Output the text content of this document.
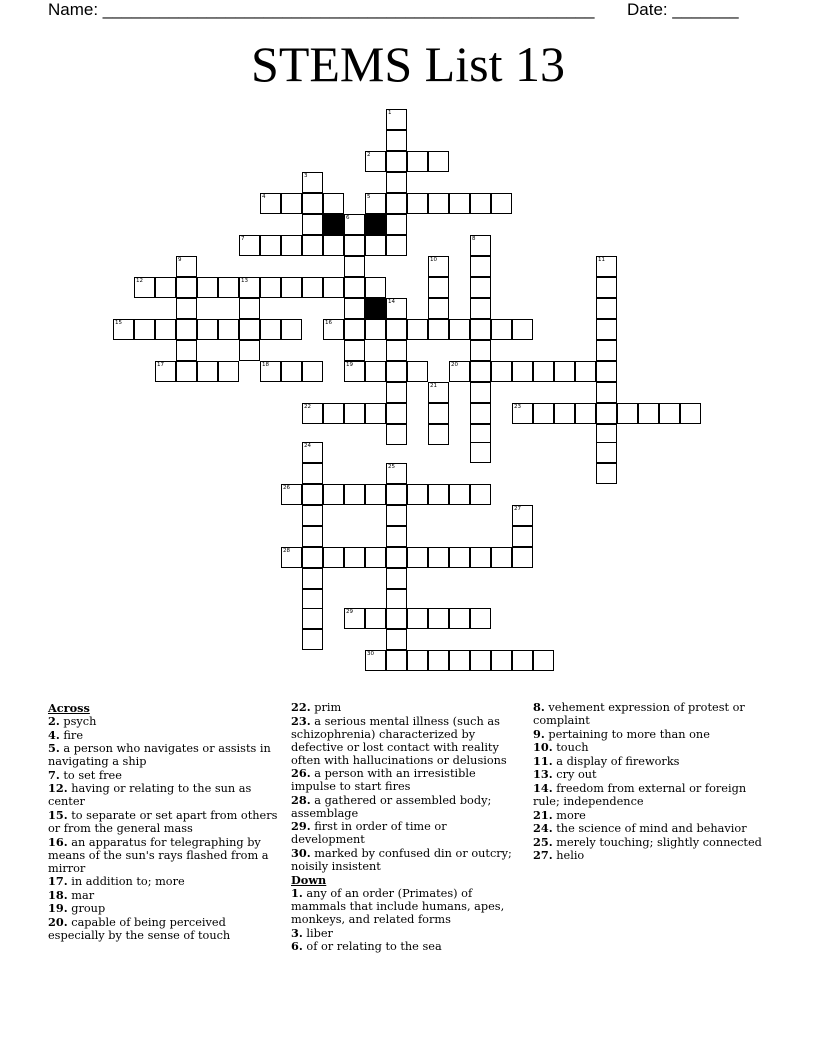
Name: ____________________________________________________ Date: _______
STEMS List 13
1
2
3
4	5
6
7	8
9	10	11
12	13
14
15	16
17	18	19	20
21
22	23
24
25
26
27
28
29
30
Across
2. psych
4. fire
5. a person who navigates or assists in navigating a ship
7. to set free
12. having or relating to the sun as center
15. to separate or set apart from others or from the general mass
16. an apparatus for telegraphing by means of the sun's rays flashed from a mirror
17. in addition to; more
18. mar
19. group
20. capable of being perceived especially by the sense of touch
22. prim
23. a serious mental illness (such as schizophrenia) characterized by defective or lost contact with reality often with hallucinations or delusions
26. a person with an irresistible impulse to start fires
28. a gathered or assembled body; assemblage
29. first in order of time or development
30. marked by confused din or outcry; noisily insistent
Down
1. any of an order (Primates) of mammals that include humans, apes, monkeys, and related forms
3. liber
6. of or relating to the sea
8. vehement expression of protest or complaint
9. pertaining to more than one
10. touch
11. a display of fireworks
13. cry out
14. freedom from external or foreign rule; independence
21. more
24. the science of mind and behavior
25. merely touching; slightly connected
27. helio
